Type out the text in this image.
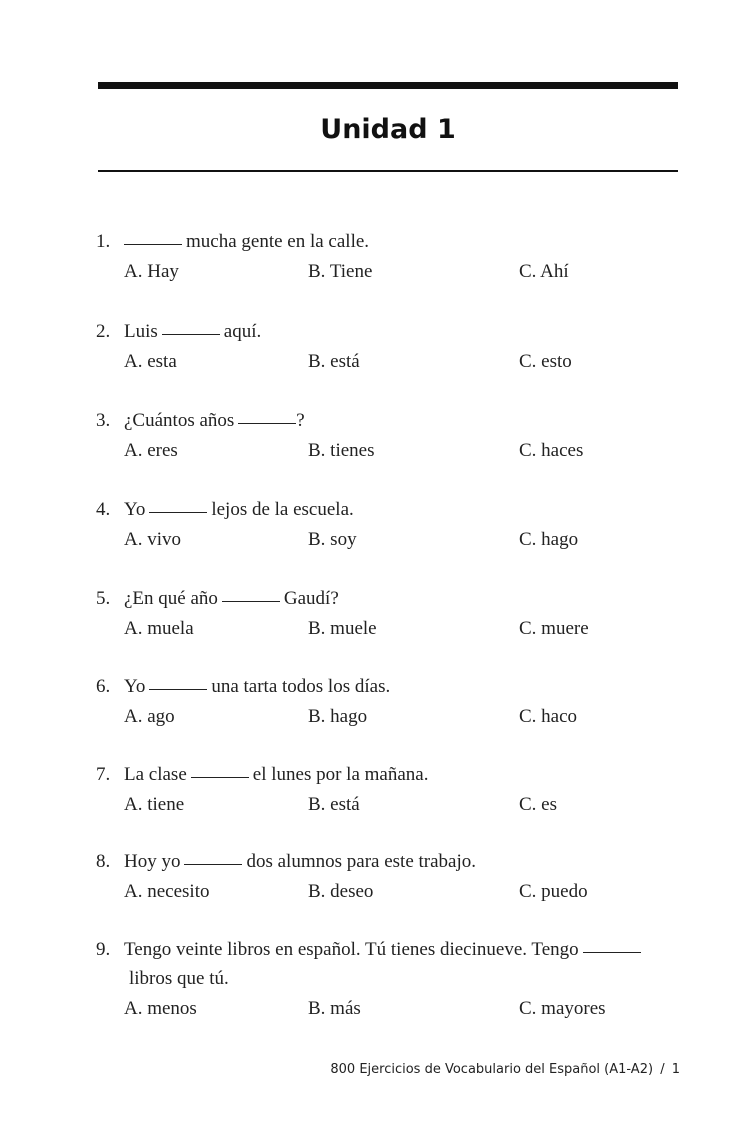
Unidad 1
1.	mucha gente en la calle.
A. Hay	B. Tiene	C. Ahí
2. Luis	aquí.
A. esta	B. está	C. esto
3. ¿Cuántos años	?
A. eres	B. tienes	C. haces
4. Yo	lejos de la escuela.
A. vivo	B. soy	C. hago
5. ¿En qué año	Gaudí?
A. muela	B. muele	C. muere
6. Yo	una tarta todos los días.
A. ago	B. hago	C. haco
7. La clase	el lunes por la mañana.
A. tiene	B. está	C. es
8. Hoy yo	dos alumnos para este trabajo.
A. necesito	B. deseo	C. puedo
9. Tengo veinte libros en español. Tú tienes diecinueve. Tengo
libros que tú.
A. menos	B. más	C. mayores
800 Ejercicios de Vocabulario del Español (A1-A2) / 1
